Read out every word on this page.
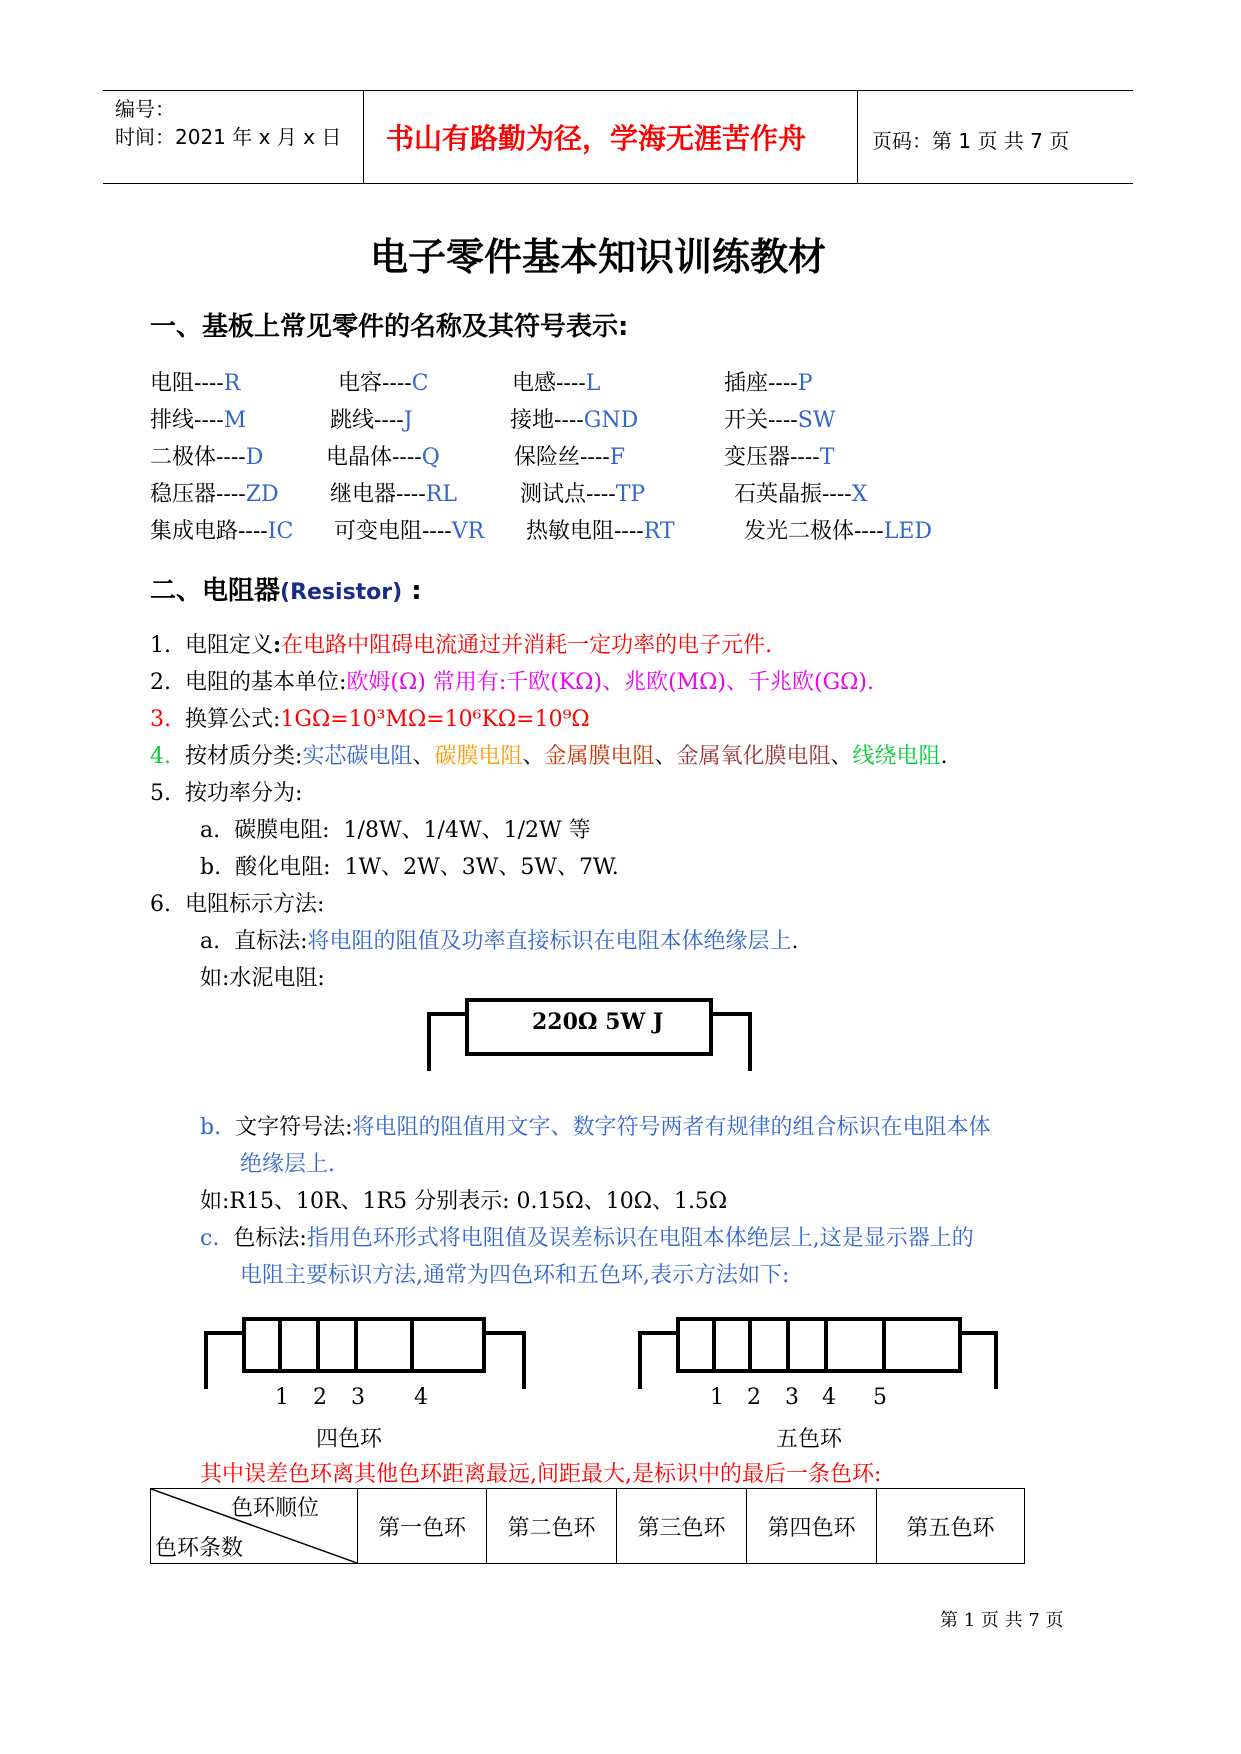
编号：
时间：2021 年 x 月 x 日 书山有路勤为径，学海无涯苦作舟	页码：第 1 页 共 7 页
电子零件基本知识训练教材
一、基板上常见零件的名称及其符号表示:
电阻----R	电容----C	电感----L	插座----P
排线----M	跳线----J	接地----GND	开关----SW
二极体----D	电晶体----Q	保险丝----F	变压器----T
稳压器----ZD 继电器----RL	测试点----TP	石英晶振----X
集成电路----IC 可变电阻----VR 热敏电阻----RT	发光二极体----LED
二、电阻器(Resistor) :
1. 电阻定义:在电路中阻碍电流通过并消耗一定功率的电子元件.
2. 电阻的基本单位:欧姆(Ω) 常用有:千欧(KΩ)、兆欧(MΩ)、千兆欧(GΩ).
3. 换算公式:1GΩ=10³MΩ=10⁶KΩ=10⁹Ω
4. 按材质分类:实芯碳电阻、碳膜电阻、金属膜电阻、金属氧化膜电阻、线绕电阻.
5. 按功率分为:
a. 碳膜电阻: 1/8W、1/4W、1/2W 等
b. 酸化电阻: 1W、2W、3W、5W、7W.
6. 电阻标示方法:
a. 直标法:将电阻的阻值及功率直接标识在电阻本体绝缘层上.
如:水泥电阻:
220Ω 5W J
b. 文字符号法:将电阻的阻值用文字、数字符号两者有规律的组合标识在电阻本体
绝缘层上.
如:R15、10R、1R5 分别表示: 0.15Ω、10Ω、1.5Ω
c. 色标法:指用色环形式将电阻值及误差标识在电阻本体绝层上,这是显示器上的
电阻主要标识方法,通常为四色环和五色环,表示方法如下:
1 2 3 4
四色环
1 2 3 4 5
五色环
其中误差色环离其他色环距离最远,间距最大,是标识中的最后一条色环:
色环顺位
色环条数
	第一色环	第二色环	第三色环	第四色环	第五色环
第 1 页 共 7 页
